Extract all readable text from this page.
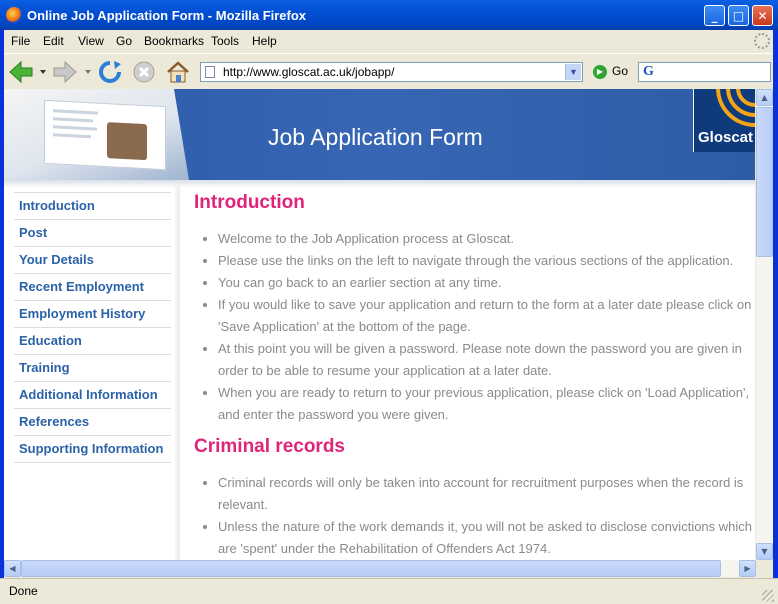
Online Job Application Form - Mozilla Firefox	_	□	✕
File Edit View Go Bookmarks Tools Help
http://www.gloscat.ac.uk/jobapp/	▼	▶ Go G
Job Application Form	Gloscat
Introduction
Post
Your Details
Recent Employment
Employment History
Education
Training
Additional Information
References
Supporting Information
Introduction
• Welcome to the Job Application process at Gloscat.
• Please use the links on the left to navigate through the various sections of the application.
• You can go back to an earlier section at any time.
• If you would like to save your application and return to the form at a later date please click on 'Save Application' at the bottom of the page.
• At this point you will be given a password. Please note down the password you are given in order to be able to resume your application at a later date.
• When you are ready to return to your previous application, please click on 'Load Application', and enter the password you were given.
Criminal records
• Criminal records will only be taken into account for recruitment purposes when the record is relevant.
• Unless the nature of the work demands it, you will not be asked to disclose convictions which are 'spent' under the Rehabilitation of Offenders Act 1974.
▲
▼
◀	▶
Done
